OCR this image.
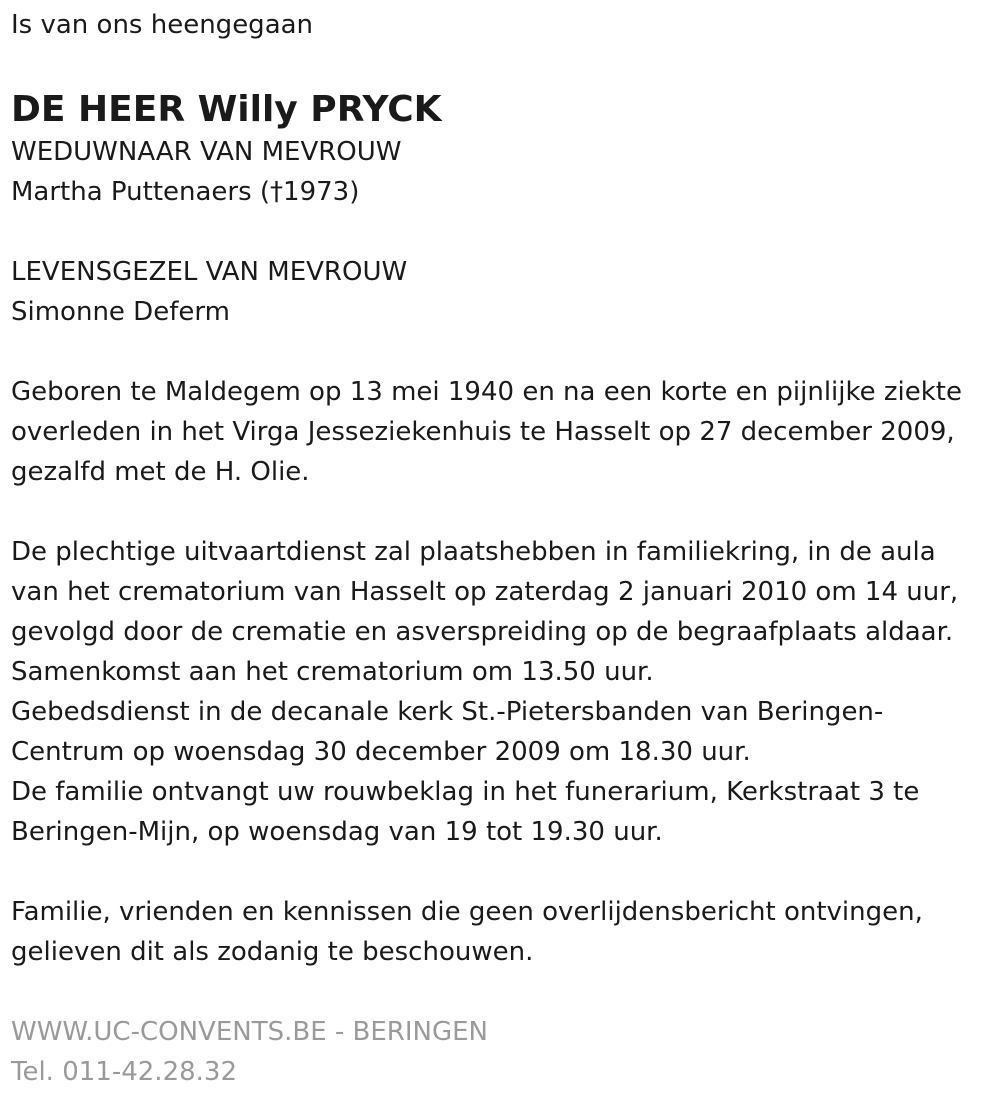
Is van ons heengegaan

DE HEER Willy PRYCK

WEDUWNAAR VAN MEVROUW

Martha Puttenaers (†1973)

LEVENSGEZEL VAN MEVROUW

Simonne Deferm

Geboren te Maldegem op 13 mei 1940 en na een korte en pijnlijke ziekte

overleden in het Virga Jesseziekenhuis te Hasselt op 27 december 2009,

gezalfd met de H. Olie.

De plechtige uitvaartdienst zal plaatshebben in familiekring, in de aula

van het crematorium van Hasselt op zaterdag 2 januari 2010 om 14 uur,

gevolgd door de crematie en asverspreiding op de begraafplaats aldaar.

Samenkomst aan het crematorium om 13.50 uur.

Gebedsdienst in de decanale kerk St.-Pietersbanden van Beringen-

Centrum op woensdag 30 december 2009 om 18.30 uur.

De familie ontvangt uw rouwbeklag in het funerarium, Kerkstraat 3 te

Beringen-Mijn, op woensdag van 19 tot 19.30 uur.

Familie, vrienden en kennissen die geen overlijdensbericht ontvingen,

gelieven dit als zodanig te beschouwen.

WWW.UC-CONVENTS.BE - BERINGEN

Tel. 011-42.28.32
